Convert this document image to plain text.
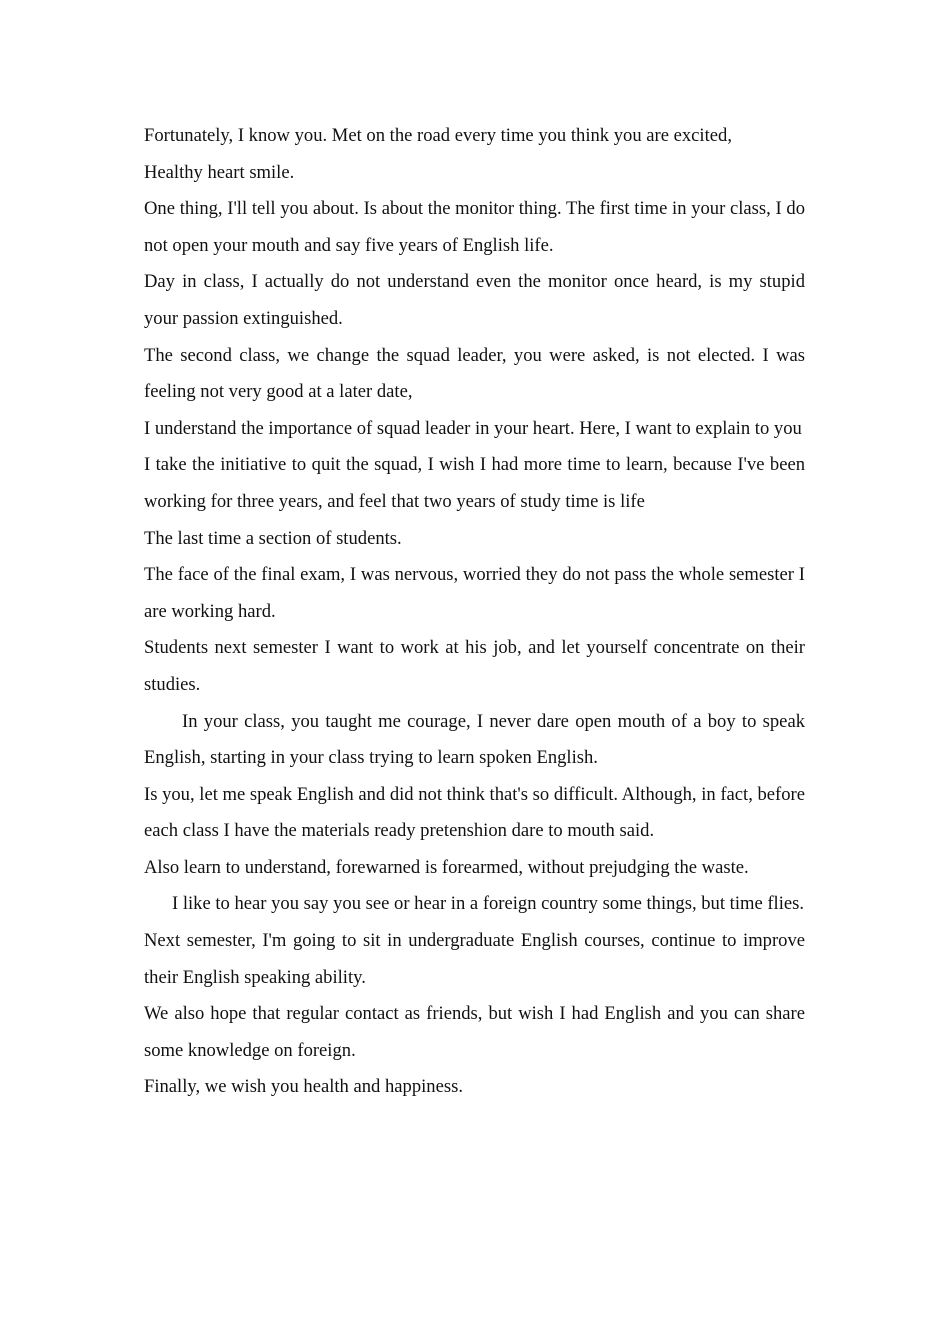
Fortunately, I know you. Met on the road every time you think you are excited,

Healthy heart smile.

One thing, I'll tell you about. Is about the monitor thing. The first time in your class, I do not open your mouth and say five years of English life.

Day in class, I actually do not understand even the monitor once heard, is my stupid your passion extinguished.

The second class, we change the squad leader, you were asked, is not elected. I was feeling not very good at a later date,

I understand the importance of squad leader in your heart. Here, I want to explain to you

I take the initiative to quit the squad, I wish I had more time to learn, because I've been working for three years, and feel that two years of study time is life

The last time a section of students.

The face of the final exam, I was nervous, worried they do not pass the whole semester I are working hard.

Students next semester I want to work at his job, and let yourself concentrate on their studies.

In your class, you taught me courage, I never dare open mouth of a boy to speak English, starting in your class trying to learn spoken English.

Is you, let me speak English and did not think that's so difficult. Although, in fact, before each class I have the materials ready pretenshion dare to mouth said.

Also learn to understand, forewarned is forearmed, without prejudging the waste.

I like to hear you say you see or hear in a foreign country some things, but time flies.

Next semester, I'm going to sit in undergraduate English courses, continue to improve their English speaking ability.

We also hope that regular contact as friends, but wish I had English and you can share some knowledge on foreign.

Finally, we wish you health and happiness.
